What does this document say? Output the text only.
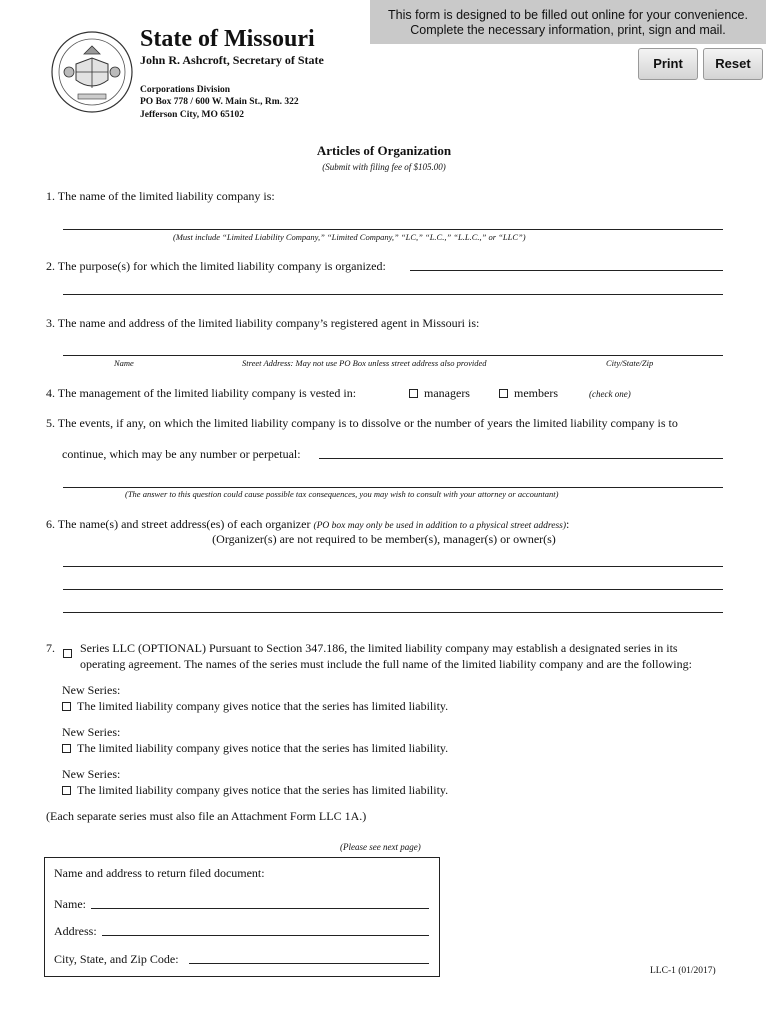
This form is designed to be filled out online for your convenience.
Complete the necessary information, print, sign and mail.
Print	Reset
State of Missouri
John R. Ashcroft, Secretary of State
Corporations Division
PO Box 778 / 600 W. Main St., Rm. 322
Jefferson City, MO 65102
Articles of Organization
(Submit with filing fee of $105.00)
1. The name of the limited liability company is:
(Must include “Limited Liability Company,” “Limited Company,” “LC,” “L.C.,” “L.L.C.,” or “LLC”)
2. The purpose(s) for which the limited liability company is organized:
3. The name and address of the limited liability company’s registered agent in Missouri is:
Name	Street Address: May not use PO Box unless street address also provided	City/State/Zip
4. The management of the limited liability company is vested in:	managers	members	(check one)
5. The events, if any, on which the limited liability company is to dissolve or the number of years the limited liability company is to
continue, which may be any number or perpetual:
(The answer to this question could cause possible tax consequences, you may wish to consult with your attorney or accountant)
6. The name(s) and street address(es) of each organizer (PO box may only be used in addition to a physical street address):
(Organizer(s) are not required to be member(s), manager(s) or owner(s)
7. Series LLC (OPTIONAL) Pursuant to Section 347.186, the limited liability company may establish a designated series in its
operating agreement. The names of the series must include the full name of the limited liability company and are the following:
New Series:
The limited liability company gives notice that the series has limited liability.
New Series:
The limited liability company gives notice that the series has limited liability.
New Series:
The limited liability company gives notice that the series has limited liability.
(Each separate series must also file an Attachment Form LLC 1A.)
(Please see next page)
Name and address to return filed document:
Name:
Address:
City, State, and Zip Code:
LLC-1 (01/2017)
